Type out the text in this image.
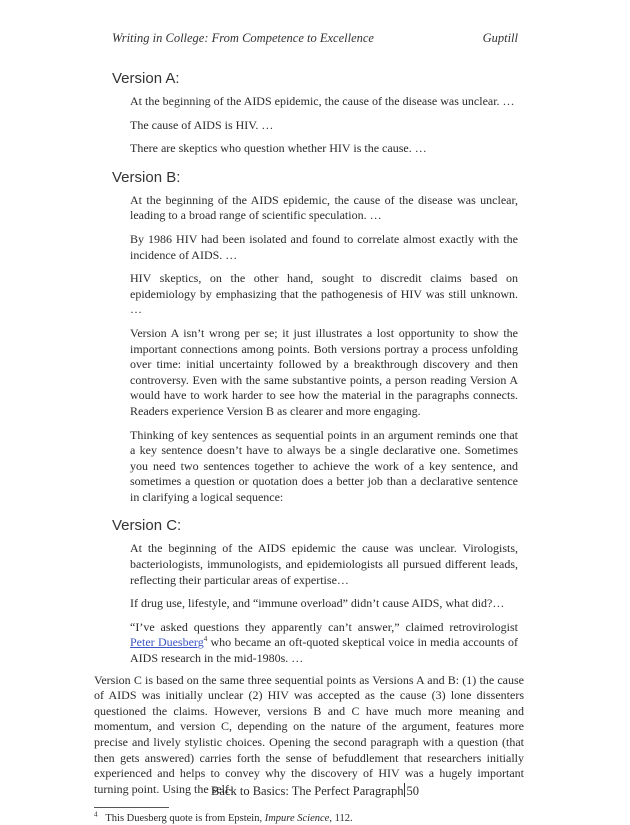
Writing in College: From Competence to Excellence	Guptill
Version A:

At the beginning of the AIDS epidemic, the cause of the disease was unclear. …

The cause of AIDS is HIV. …

There are skeptics who question whether HIV is the cause. …

Version B:

At the beginning of the AIDS epidemic, the cause of the disease was unclear, leading to a broad range of scientific speculation. …

By 1986 HIV had been isolated and found to correlate almost exactly with the incidence of AIDS. …

HIV skeptics, on the other hand, sought to discredit claims based on epidemiology by emphasizing that the pathogenesis of HIV was still unknown. …

Version A isn’t wrong per se; it just illustrates a lost opportunity to show the important connections among points. Both versions portray a process unfolding over time: initial uncertainty followed by a breakthrough discovery and then controversy. Even with the same substantive points, a person reading Version A would have to work harder to see how the material in the paragraphs connects. Readers experience Version B as clearer and more engaging.

Thinking of key sentences as sequential points in an argument reminds one that a key sentence doesn’t have to always be a single declarative one. Sometimes you need two sentences together to achieve the work of a key sentence, and sometimes a question or quotation does a better job than a declarative sentence in clarifying a logical sequence:

Version C:

At the beginning of the AIDS epidemic the cause was unclear. Virologists, bacteriologists, immunologists, and epidemiologists all pursued different leads, reflecting their particular areas of expertise…

If drug use, lifestyle, and “immune overload” didn’t cause AIDS, what did?…

“I’ve asked questions they apparently can’t answer,” claimed retrovirologist Peter Duesberg$^4$ who became an oft-quoted skeptical voice in media accounts of AIDS research in the mid-1980s. …

Version C is based on the same three sequential points as Versions A and B: (1) the cause of AIDS was initially unclear (2) HIV was accepted as the cause (3) lone dissenters questioned the claims. However, versions B and C have much more meaning and momentum, and version C, depending on the nature of the argument, features more precise and lively stylistic choices. Opening the second paragraph with a question (that then gets answered) carries forth the sense of befuddlement that researchers initially experienced and helps to convey why the discovery of HIV was a hugely important turning point. Using the self-

$^4$ This Duesberg quote is from Epstein, Impure Science, 112.

Back to Basics: The Perfect Paragraph 50
